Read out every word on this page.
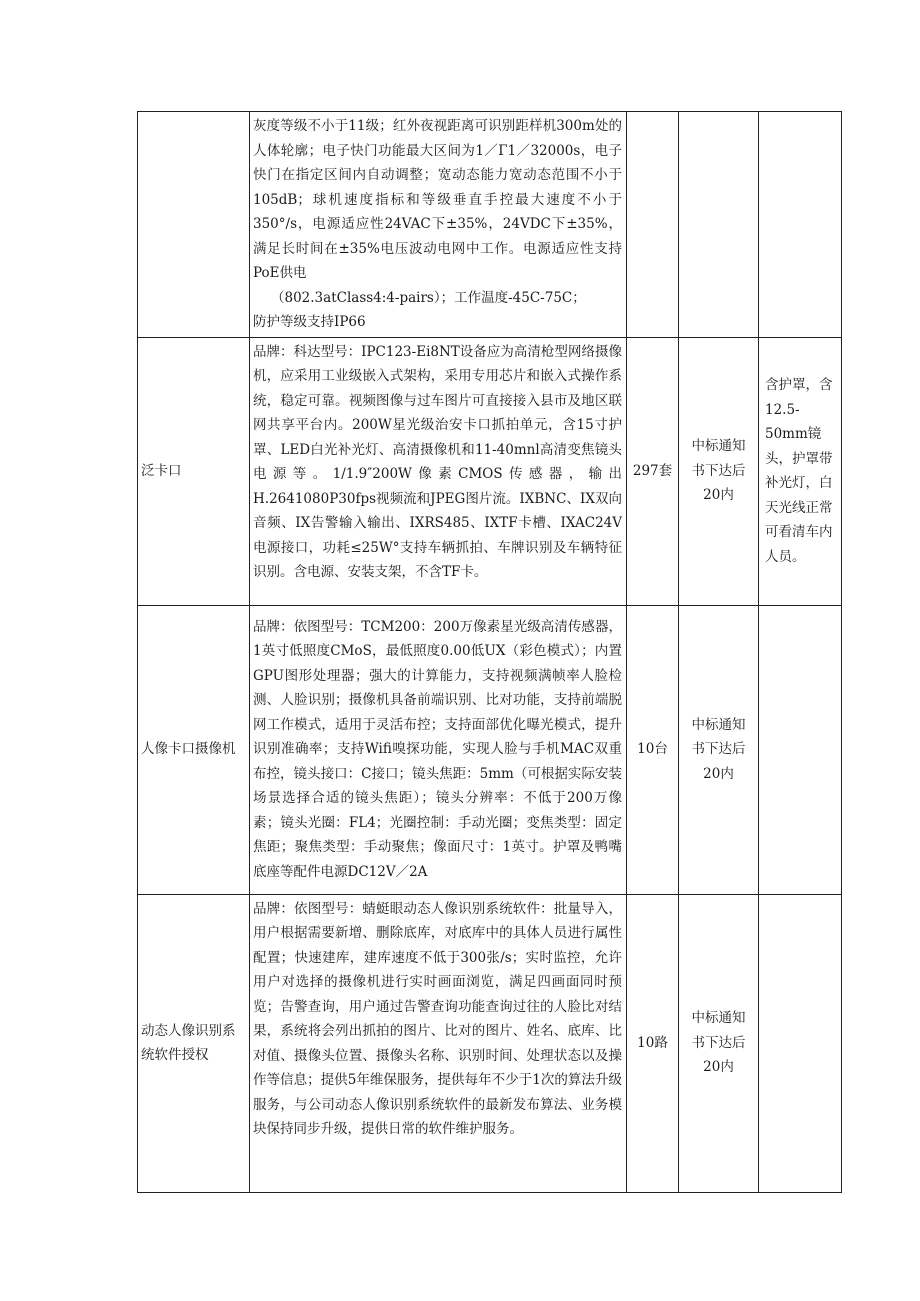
	灰度等级不小于11级；红外夜视距离可识别距样机300m处的人体轮廓；电子快门功能最大区间为1／Γ1／32000s，电子快门在指定区间内自动调整；宽动态能力宽动态范围不小于105dB；球机速度指标和等级垂直手控最大速度不小于350°/s，电源适应性24VAC下±35%，24VDC下±35%，满足长时间在±35%电压波动电网中工作。电源适应性支持PoE供电
（802.3atClass4:4-pairs）；工作温度-45C-75C；
防护等级支持IP66			

泛卡口	品牌：科达型号：IPC123-Ei8NT设备应为高清枪型网络摄像机，应采用工业级嵌入式架构，采用专用芯片和嵌入式操作系统，稳定可靠。视频图像与过车图片可直接接入县市及地区联网共享平台内。200W星光级治安卡口抓拍单元，含15寸护罩、LED白光补光灯、高清摄像机和11-40mnl高清变焦镜头电源等。1/1.9″200W像素CMOS传感器，输出H.2641080P30fps视频流和JPEG图片流。IXBNC、IX双向音频、IX告警输入输出、IXRS485、IXTF卡槽、IXAC24V电源接口，功耗≤25W°支持车辆抓拍、车牌识别及车辆特征识别。含电源、安装支架，不含TF卡。	297套	中标通知书下达后20内	含护罩，含12.5-50mm镜头，护罩带补光灯，白天光线正常可看清车内人员。
人像卡口摄像机	品牌：依图型号：TCM200：200万像素星光级高清传感器，1英寸低照度CMoS，最低照度0.00低UX（彩色模式）；内置GPU图形处理器；强大的计算能力，支持视频满帧率人脸检测、人脸识别；摄像机具备前端识别、比对功能，支持前端脱网工作模式，适用于灵活布控；支持面部优化曝光模式，提升识别准确率；支持Wifi嗅探功能，实现人脸与手机MAC双重布控，镜头接口：C接口；镜头焦距：5mm（可根据实际安装场景选择合适的镜头焦距）；镜头分辨率：不低于200万像素；镜头光圈：FL4；光圈控制：手动光圈；变焦类型：固定焦距；聚焦类型：手动聚焦；像面尺寸：1英寸。护罩及鸭嘴底座等配件电源DC12V／2Α	10台	中标通知书下达后20内	
动态人像识别系统软件授权	品牌：依图型号：蜻蜓眼动态人像识别系统软件：批量导入，用户根据需要新增、删除底库，对底库中的具体人员进行属性配置；快速建库，建库速度不低于300张/s；实时监控，允许用户对选择的摄像机进行实时画面浏览，满足四画面同时预览；告警查询，用户通过告警查询功能查询过往的人脸比对结果，系统将会列出抓拍的图片、比对的图片、姓名、底库、比对值、摄像头位置、摄像头名称、识别时间、处理状态以及操作等信息；提供5年维保服务，提供每年不少于1次的算法升级服务，与公司动态人像识别系统软件的最新发布算法、业务模块保持同步升级，提供日常的软件维护服务。	10路	中标通知书下达后20内	
